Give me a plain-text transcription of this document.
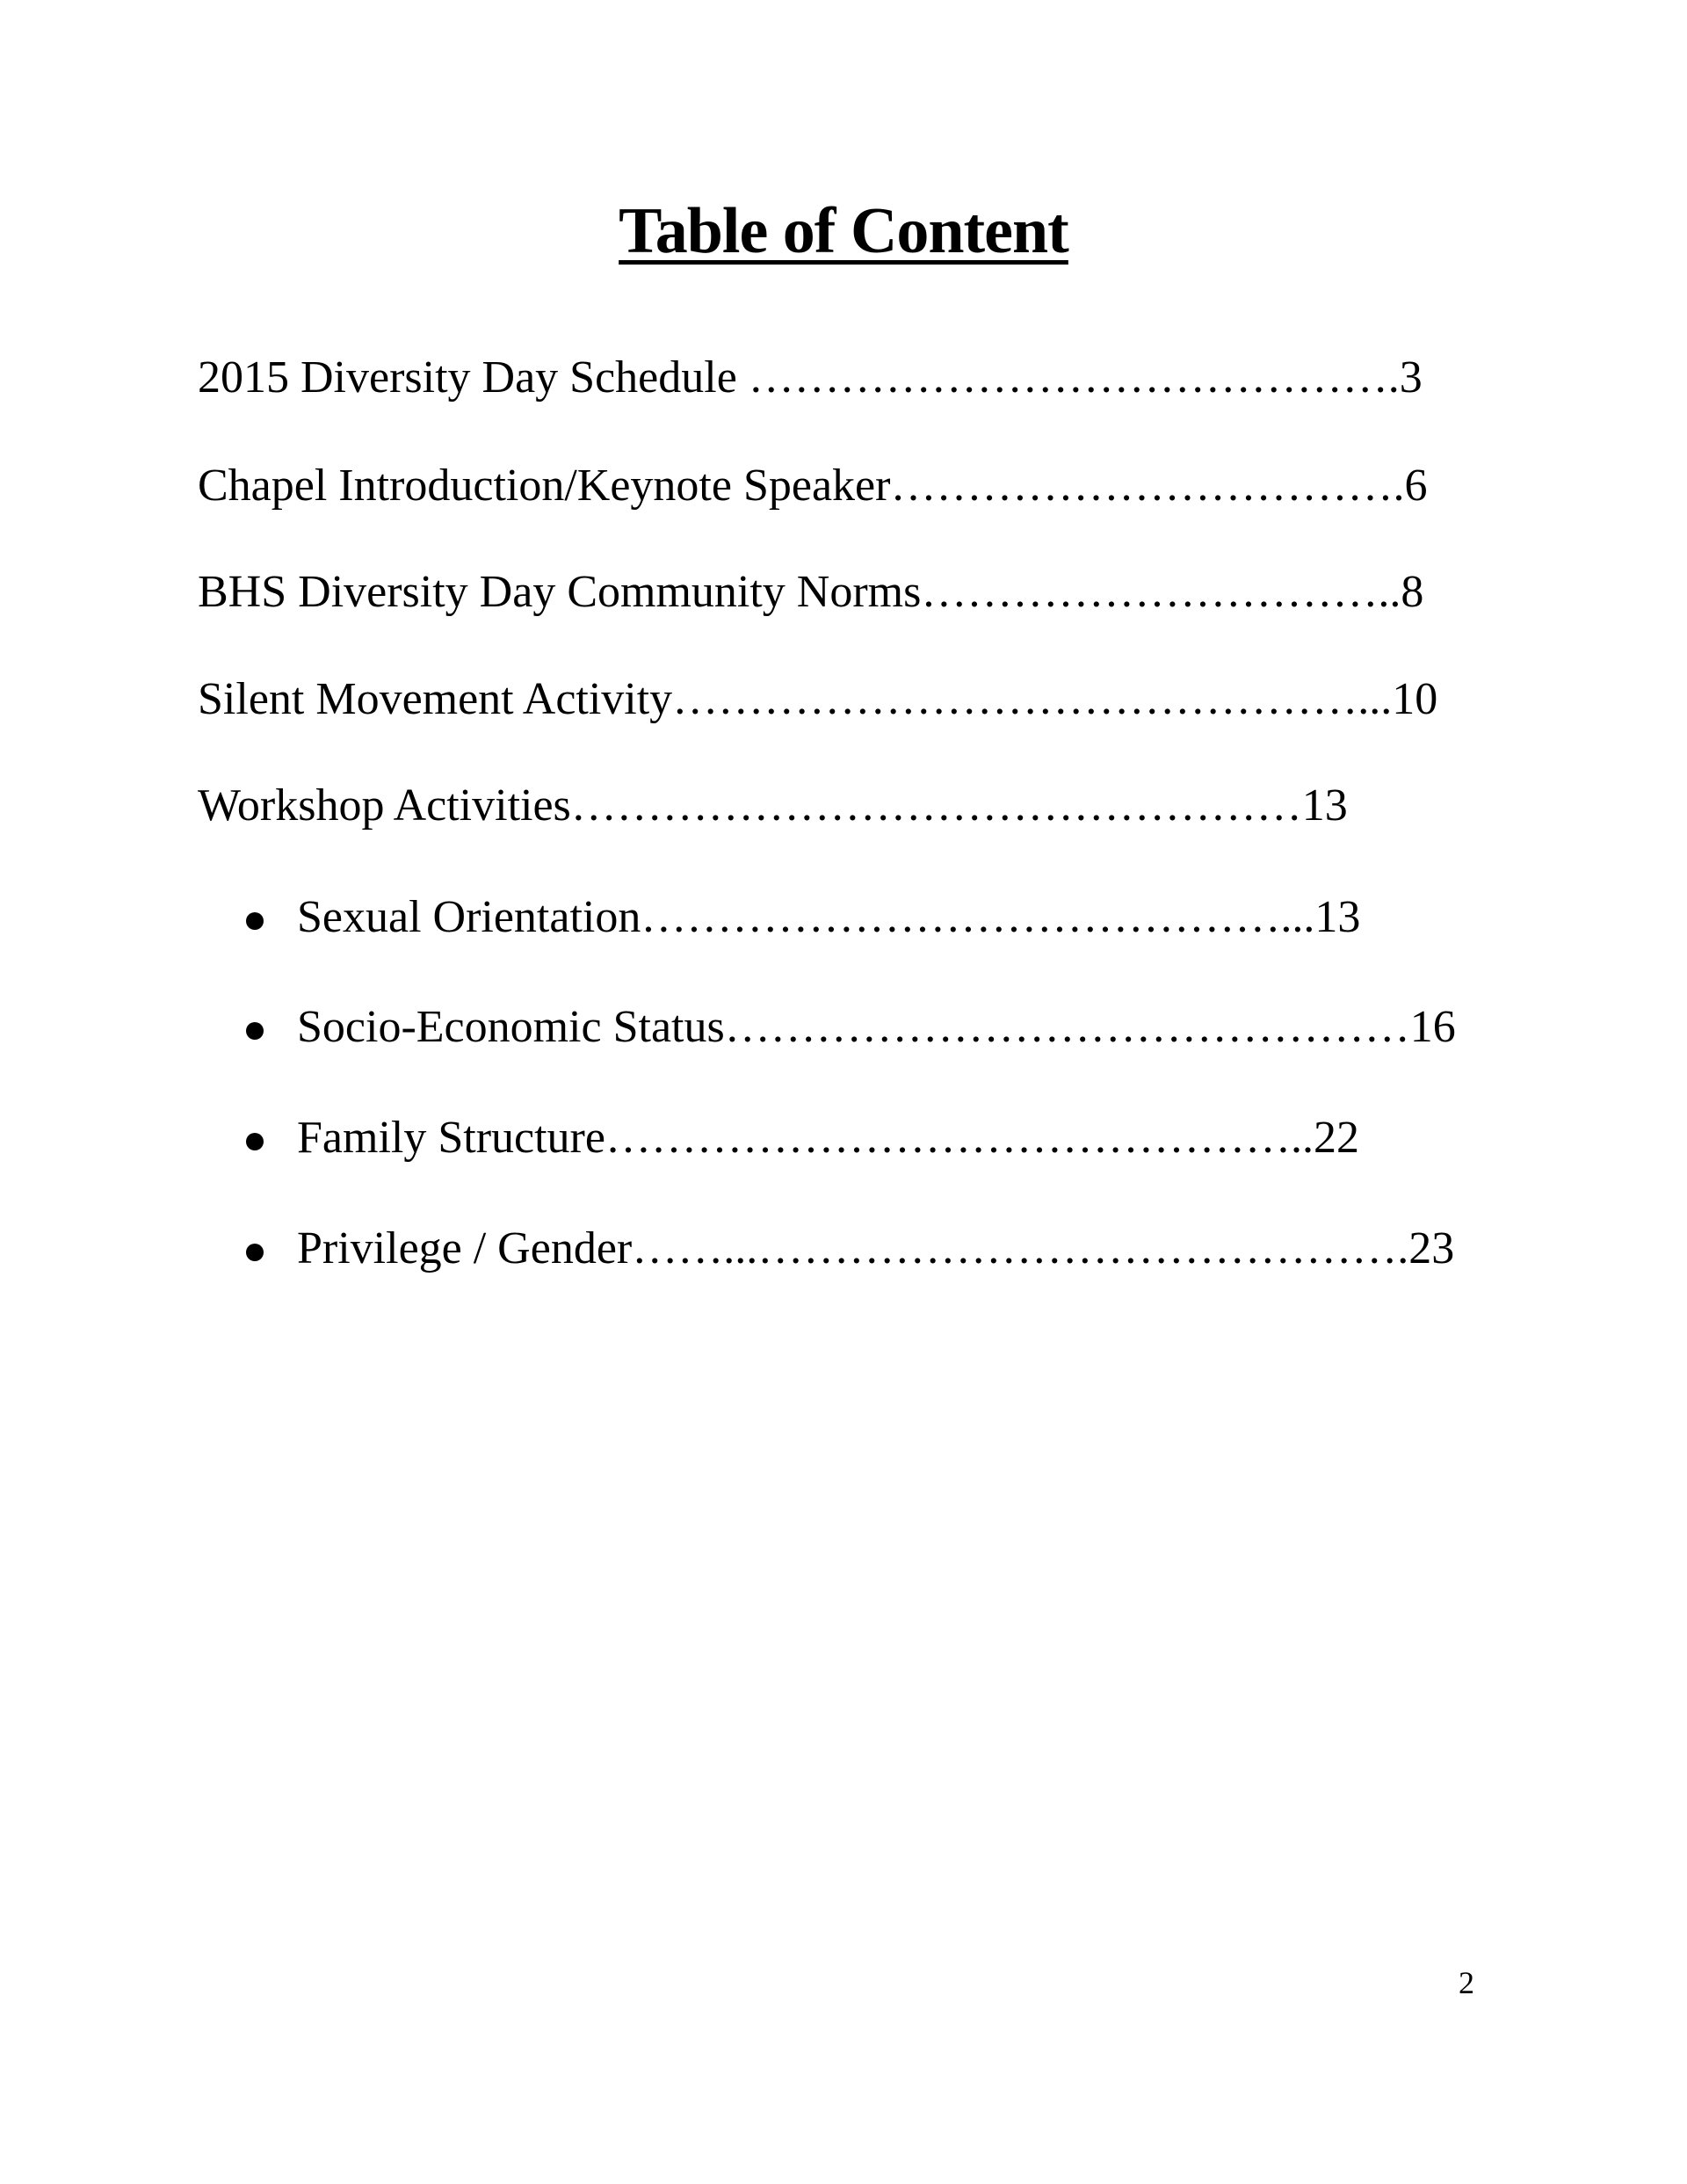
Table of Content
2015 Diversity Day Schedule …………………………………….3
Chapel Introduction/Keynote Speaker…………………………….6
BHS Diversity Day Community Norms…………………………..8
Silent Movement Activity………………………………………...10
Workshop Activities…………………………………………13
Sexual Orientation……………………………………...13
Socio-Economic Status………………………………………16
Family Structure………………………………………..22
Privilege / Gender……...…………………………………….23
2
